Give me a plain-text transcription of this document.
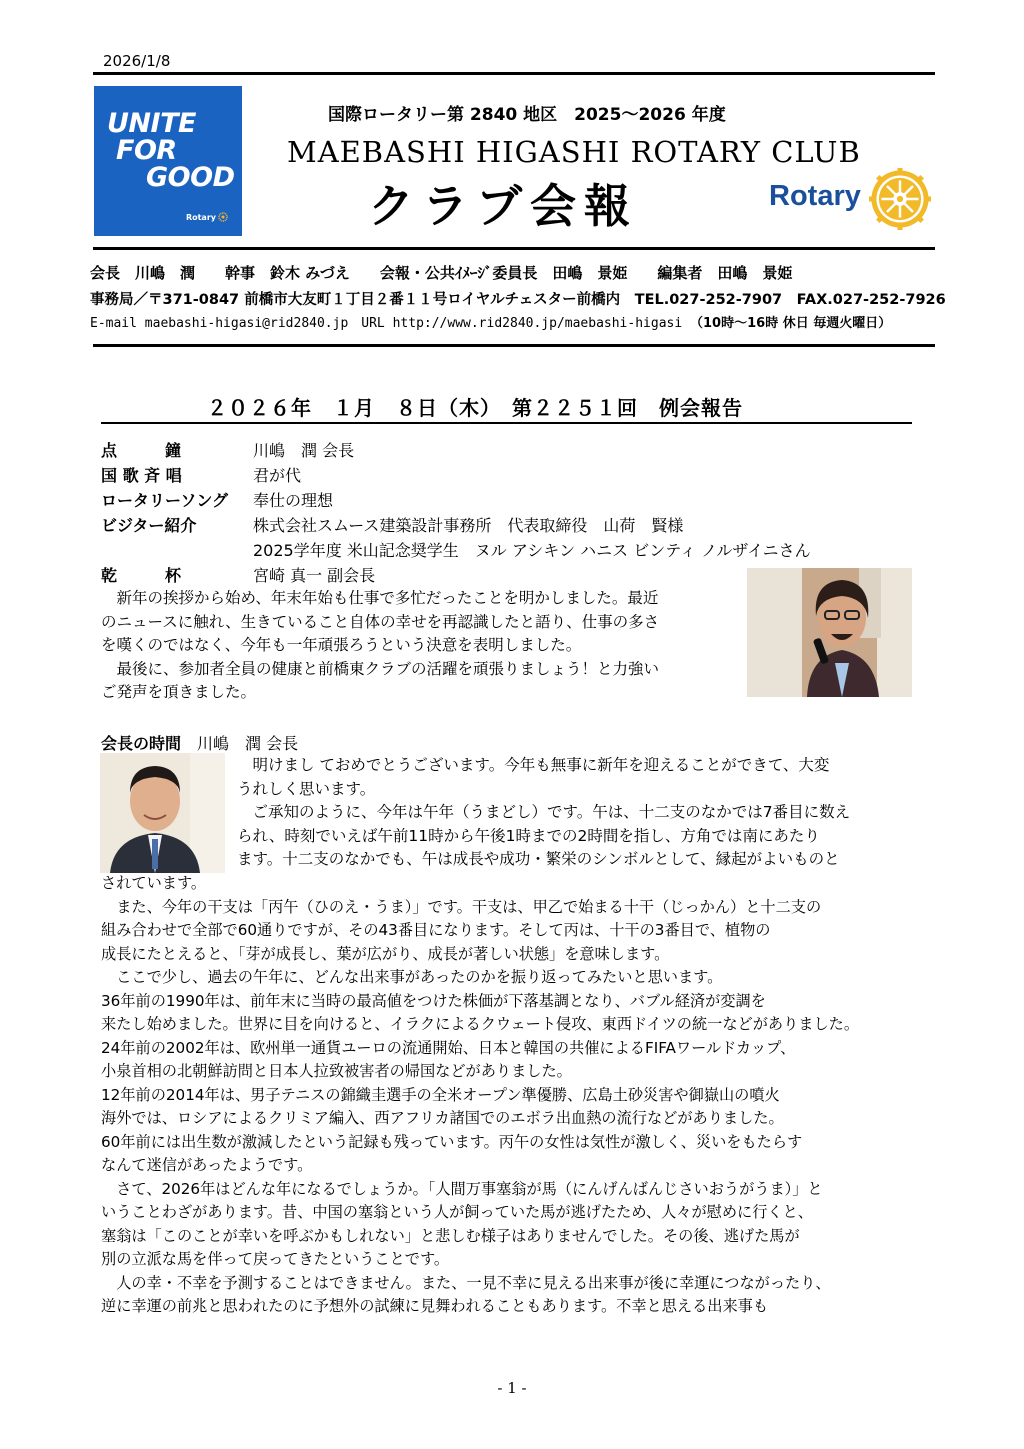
2026/1/8
UNITE
FOR
GOOD
Rotary
国際ロータリー第 2840 地区　2025～2026 年度
MAEBASHI HIGASHI ROTARY CLUB
クラブ会報	Rotary
会長　川嶋　潤　　幹事　鈴木 みづえ　　会報・公共ｲﾒｰｼﾞ委員長　田嶋　景姫　　編集者　田嶋　景姫
事務局／〒371-0847 前橋市大友町１丁目２番１１号ロイヤルチェスター前橋内　TEL.027-252-7907　FAX.027-252-7926
E-mail maebashi-higasi@rid2840.jp　URL http://www.rid2840.jp/maebashi-higasi （10時～16時 休日 毎週火曜日）
２０２６年　１月　８日（木）　第２２５１回　例会報告
点　　　鐘	川嶋　潤 会長
国 歌 斉 唱	君が代
ロータリーソング	奉仕の理想
ビジター紹介	株式会社スムース建築設計事務所　代表取締役　山荷　賢様
2025学年度 米山記念奨学生　ヌル アシキン ハニス ビンティ ノルザイニさん
乾　　　杯	宮崎 真一 副会長
　新年の挨拶から始め、年末年始も仕事で多忙だったことを明かしました。最近
のニュースに触れ、生きていること自体の幸せを再認識したと語り、仕事の多さ
を嘆くのではなく、今年も一年頑張ろうという決意を表明しました。
　最後に、参加者全員の健康と前橋東クラブの活躍を頑張りましょう！と力強い
ご発声を頂きました。
会長の時間　 川嶋　潤 会長
　明けまし ておめでとうございます。今年も無事に新年を迎えることができて、大変
うれしく思います。
　ご承知のように、今年は午年（うまどし）です。午は、十二支のなかでは7番目に数え
られ、時刻でいえば午前11時から午後1時までの2時間を指し、方角では南にあたり
ます。十二支のなかでも、午は成長や成功・繁栄のシンボルとして、縁起がよいものと
されています。
　また、今年の干支は「丙午（ひのえ・うま）」です。干支は、甲乙で始まる十干（じっかん）と十二支の
組み合わせで全部で60通りですが、その43番目になります。そして丙は、十干の3番目で、植物の
成長にたとえると、「芽が成長し、葉が広がり、成長が著しい状態」を意味します。
　ここで少し、過去の午年に、どんな出来事があったのかを振り返ってみたいと思います。
36年前の1990年は、前年末に当時の最高値をつけた株価が下落基調となり、バブル経済が変調を
来たし始めました。世界に目を向けると、イラクによるクウェート侵攻、東西ドイツの統一などがありました。
24年前の2002年は、欧州単一通貨ユーロの流通開始、日本と韓国の共催によるFIFAワールドカップ、
小泉首相の北朝鮮訪問と日本人拉致被害者の帰国などがありました。
12年前の2014年は、男子テニスの錦織圭選手の全米オープン準優勝、広島土砂災害や御嶽山の噴火
海外では、ロシアによるクリミア編入、西アフリカ諸国でのエボラ出血熱の流行などがありました。
60年前には出生数が激減したという記録も残っています。丙午の女性は気性が激しく、災いをもたらす
なんて迷信があったようです。
　さて、2026年はどんな年になるでしょうか。「人間万事塞翁が馬（にんげんばんじさいおうがうま）」と
いうことわざがあります。昔、中国の塞翁という人が飼っていた馬が逃げたため、人々が慰めに行くと、
塞翁は「このことが幸いを呼ぶかもしれない」と悲しむ様子はありませんでした。その後、逃げた馬が
別の立派な馬を伴って戻ってきたということです。
　人の幸・不幸を予測することはできません。また、一見不幸に見える出来事が後に幸運につながったり、
逆に幸運の前兆と思われたのに予想外の試練に見舞われることもあります。不幸と思える出来事も
- 1 -
